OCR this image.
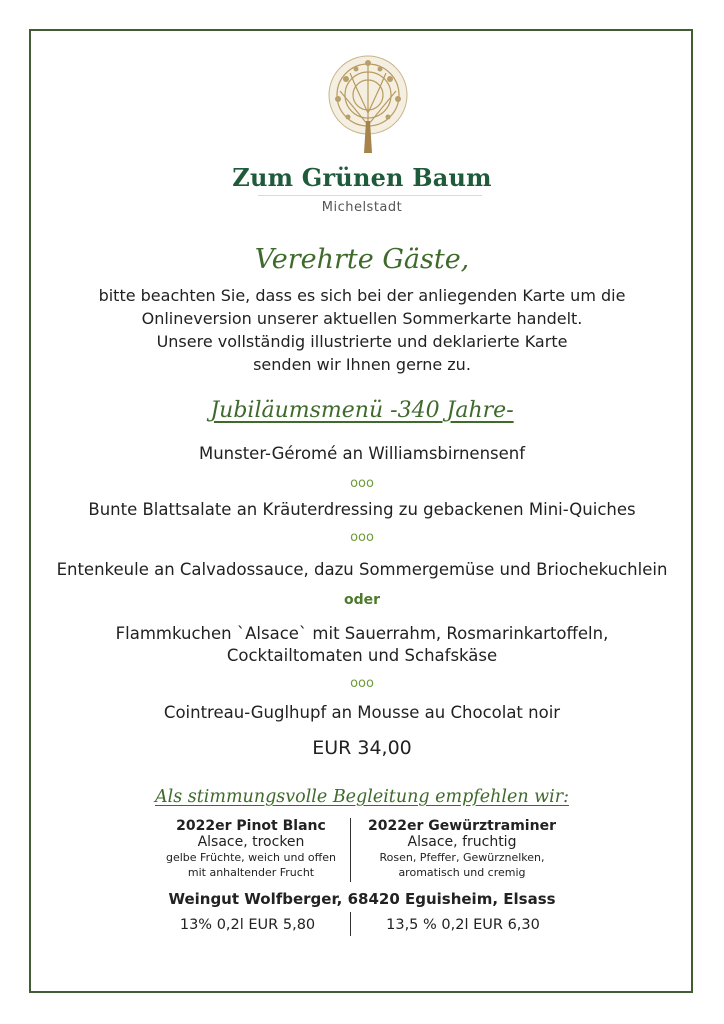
Zum Grünen Baum
Michelstadt
Verehrte Gäste,
bitte beachten Sie, dass es sich bei der anliegenden Karte um die
Onlineversion unserer aktuellen Sommerkarte handelt.
Unsere vollständig illustrierte und deklarierte Karte
senden wir Ihnen gerne zu.
Jubiläumsmenü -340 Jahre-
Munster-Géromé an Williamsbirnensenf
ooo
Bunte Blattsalate an Kräuterdressing zu gebackenen Mini-Quiches
ooo
Entenkeule an Calvadossauce, dazu Sommergemüse und Briochekuchlein
oder
Flammkuchen `Alsace` mit Sauerrahm, Rosmarinkartoffeln,
Cocktailtomaten und Schafskäse
ooo
Cointreau-Guglhupf an Mousse au Chocolat noir
EUR 34,00
Als stimmungsvolle Begleitung empfehlen wir:
2022er Pinot Blanc
Alsace, trocken
gelbe Früchte, weich und offen
mit anhaltender Frucht
2022er Gewürztraminer
Alsace, fruchtig
Rosen, Pfeffer, Gewürznelken,
aromatisch und cremig
Weingut Wolfberger, 68420 Eguisheim, Elsass
13% 0,2l EUR 5,80	13,5 % 0,2l EUR 6,30
